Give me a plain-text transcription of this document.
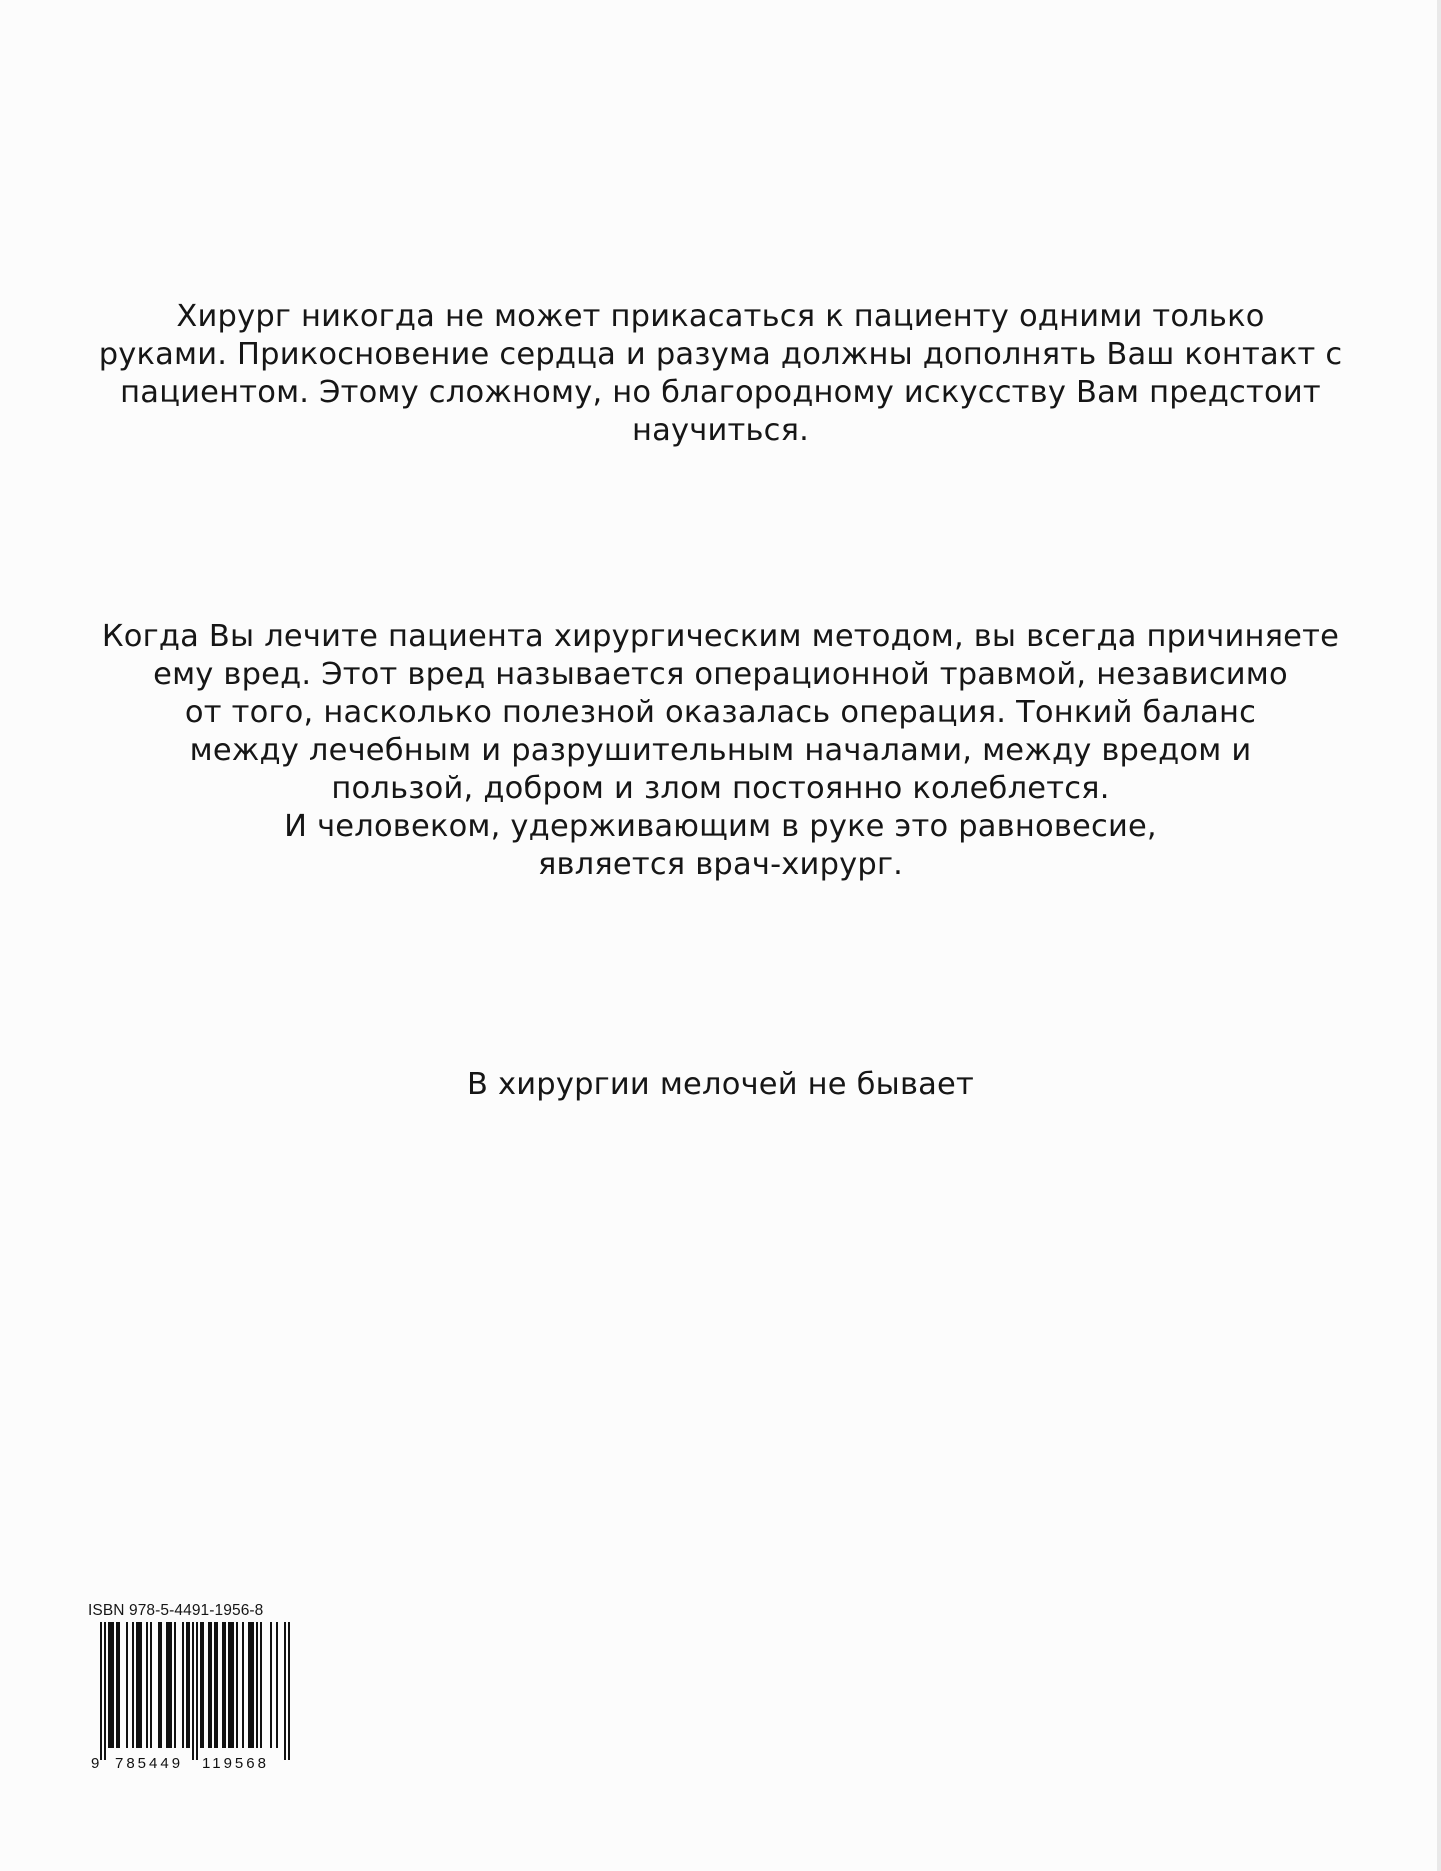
Хирург никогда не может прикасаться к пациенту одними только
руками. Прикосновение сердца и разума должны дополнять Ваш контакт с
пациентом. Этому сложному, но благородному искусству Вам предстоит
научиться.
Когда Вы лечите пациента хирургическим методом, вы всегда причиняете
ему вред. Этот вред называется операционной травмой, независимо
от того, насколько полезной оказалась операция. Тонкий баланс
между лечебным и разрушительным началами, между вредом и
пользой, добром и злом постоянно колеблется.
И человеком, удерживающим в руке это равновесие,
является врач-хирург.
В хирургии мелочей не бывает
ISBN 978-5-4491-1956-8
9 785449 119568
